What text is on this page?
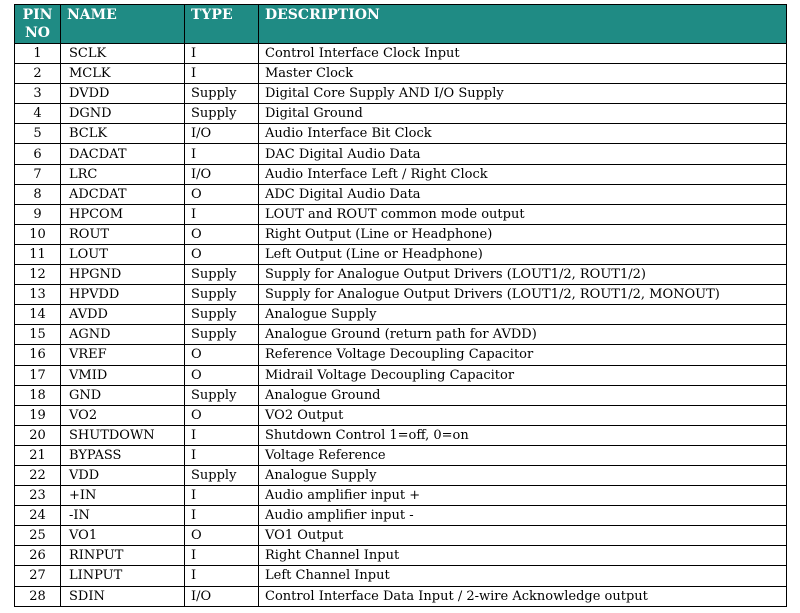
PIN
NO	NAME	TYPE	DESCRIPTION
1	SCLK	I	Control Interface Clock Input
2	MCLK	I	Master Clock
3	DVDD	Supply	Digital Core Supply AND I/O Supply
4	DGND	Supply	Digital Ground
5	BCLK	I/O	Audio Interface Bit Clock
6	DACDAT	I	DAC Digital Audio Data
7	LRC	I/O	Audio Interface Left / Right Clock
8	ADCDAT	O	ADC Digital Audio Data
9	HPCOM	I	LOUT and ROUT common mode output
10	ROUT	O	Right Output (Line or Headphone)
11	LOUT	O	Left Output (Line or Headphone)
12	HPGND	Supply	Supply for Analogue Output Drivers (LOUT1/2, ROUT1/2)
13	HPVDD	Supply	Supply for Analogue Output Drivers (LOUT1/2, ROUT1/2, MONOUT)
14	AVDD	Supply	Analogue Supply
15	AGND	Supply	Analogue Ground (return path for AVDD)
16	VREF	O	Reference Voltage Decoupling Capacitor
17	VMID	O	Midrail Voltage Decoupling Capacitor
18	GND	Supply	Analogue Ground
19	VO2	O	VO2 Output
20	SHUTDOWN	I	Shutdown Control 1=off, 0=on
21	BYPASS	I	Voltage Reference
22	VDD	Supply	Analogue Supply
23	+IN	I	Audio amplifier input +
24	-IN	I	Audio amplifier input -
25	VO1	O	VO1 Output
26	RINPUT	I	Right Channel Input
27	LINPUT	I	Left Channel Input
28	SDIN	I/O	Control Interface Data Input / 2-wire Acknowledge output
